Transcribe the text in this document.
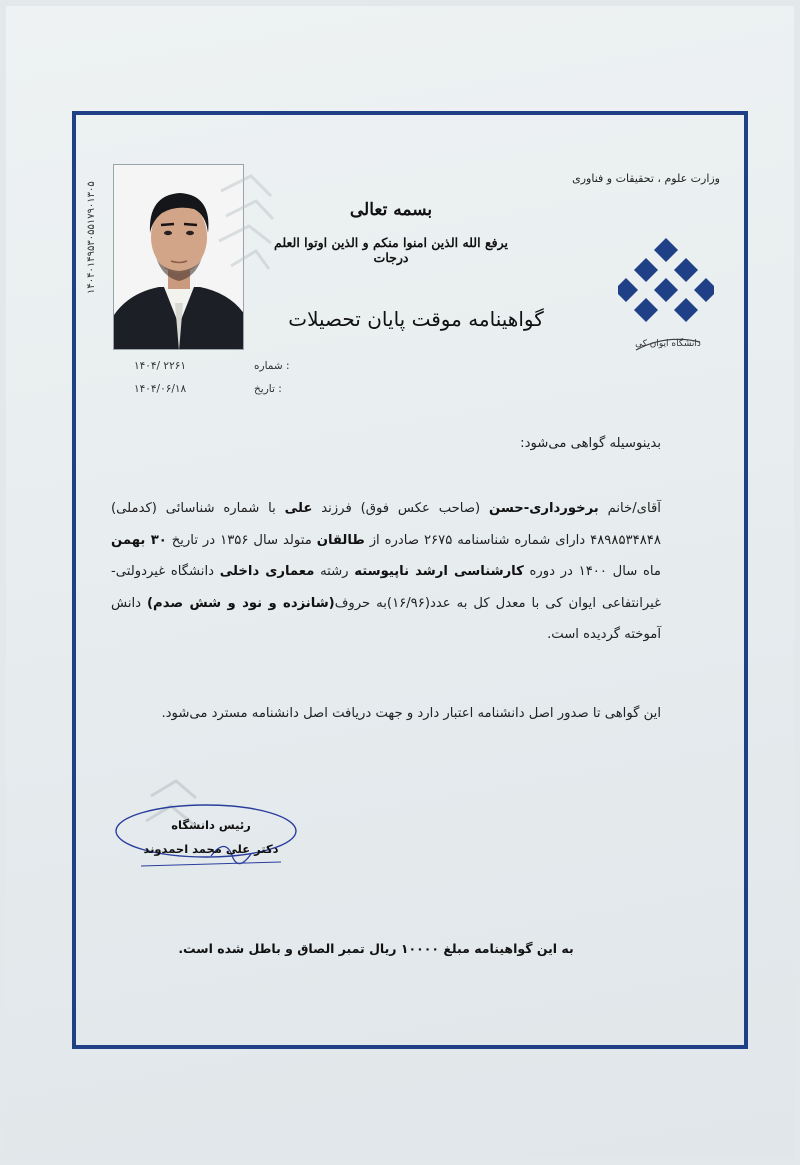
۱۴۰۴۰۱۴۹۵۳۰۵۵۱۷۹۰۱۳۰۵
وزارت علوم ، تحقیقات و فناوری
بسمه تعالی
یرفع الله الذین امنوا منکم و الذین اوتوا العلم درجات
گواهینامه موقت پایان تحصیلات
دانشگاه ایوان کی
شماره :
۱۴۰۴/ ۲۲۶۱
تاریخ :
۱۴۰۴/۰۶/۱۸
بدینوسیله گواهی می‌شود:
آقای/خانم برخورداری-حسن (صاحب عکس فوق) فرزند علی با شماره شناسائی (کدملی) ۴۸۹۸۵۳۴۸۴۸ دارای شماره شناسنامه ۲۶۷۵ صادره از طالقان متولد سال ۱۳۵۶ در تاریخ ۳۰ بهمن ماه سال ۱۴۰۰ در دوره کارشناسی ارشد ناپیوسته رشته معماری داخلی دانشگاه غیردولتی-غیرانتفاعی ایوان کی با معدل کل به عدد(۱۶/۹۶)به حروف(شانزده و نود و شش صدم) دانش آموخته گردیده است.
این گواهی تا صدور اصل دانشنامه اعتبار دارد و جهت دریافت اصل دانشنامه مسترد می‌شود.
رئیس دانشگاه
دکتر علی محمد احمدوند
به این گواهینامه مبلغ ۱۰۰۰۰ ریال تمبر الصاق و باطل شده است.
